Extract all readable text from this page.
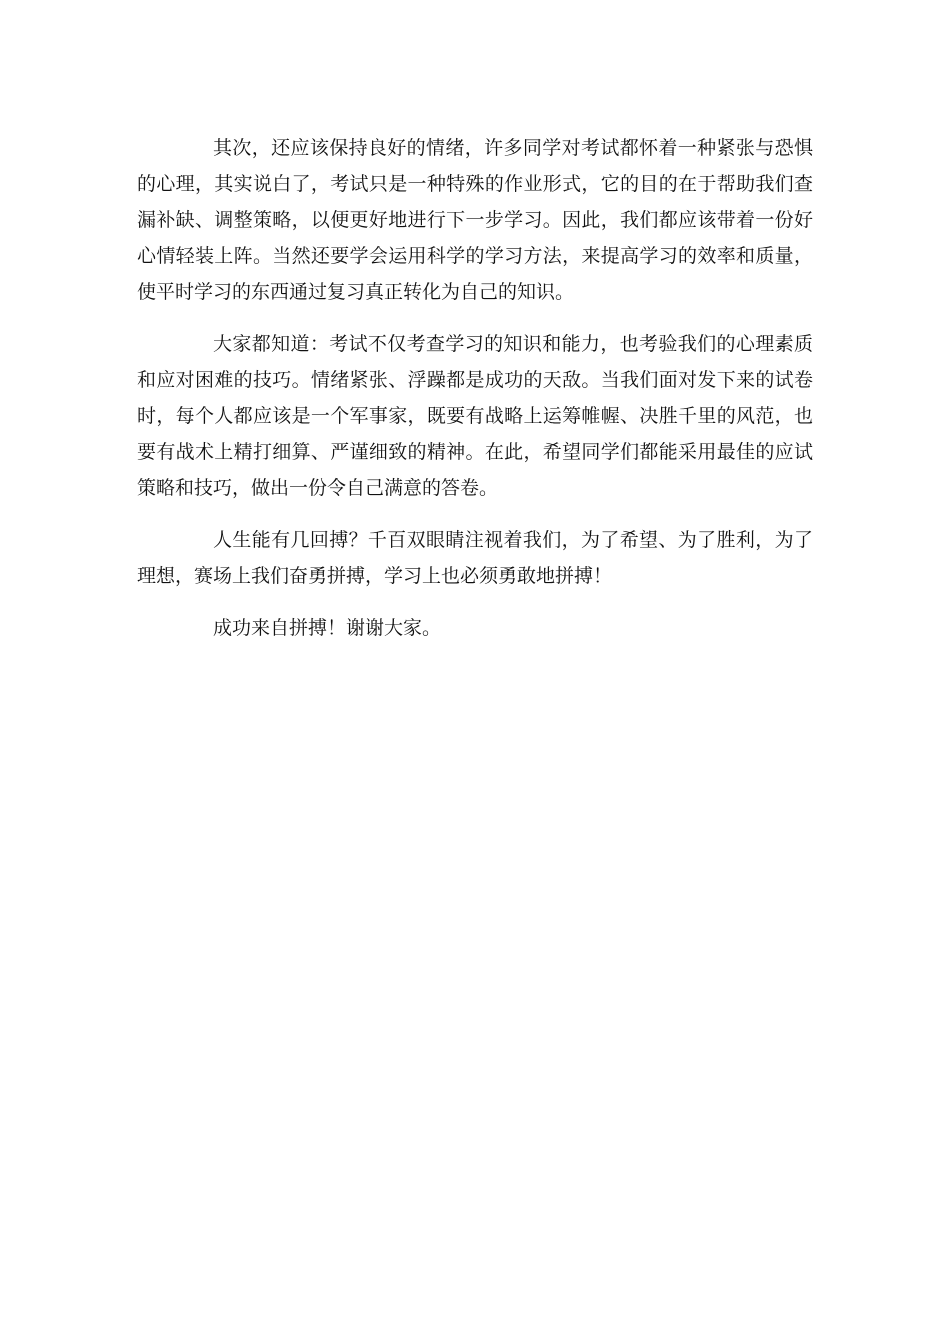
其次，还应该保持良好的情绪，许多同学对考试都怀着一种紧张与恐惧的心理，其实说白了，考试只是一种特殊的作业形式，它的目的在于帮助我们查漏补缺、调整策略，以便更好地进行下一步学习。因此，我们都应该带着一份好心情轻装上阵。当然还要学会运用科学的学习方法，来提高学习的效率和质量，使平时学习的东西通过复习真正转化为自己的知识。

大家都知道：考试不仅考查学习的知识和能力，也考验我们的心理素质和应对困难的技巧。情绪紧张、浮躁都是成功的天敌。当我们面对发下来的试卷时，每个人都应该是一个军事家，既要有战略上运筹帷幄、决胜千里的风范，也要有战术上精打细算、严谨细致的精神。在此，希望同学们都能采用最佳的应试策略和技巧，做出一份令自己满意的答卷。

人生能有几回搏？千百双眼睛注视着我们，为了希望、为了胜利，为了理想，赛场上我们奋勇拼搏，学习上也必须勇敢地拼搏！

成功来自拼搏！谢谢大家。
